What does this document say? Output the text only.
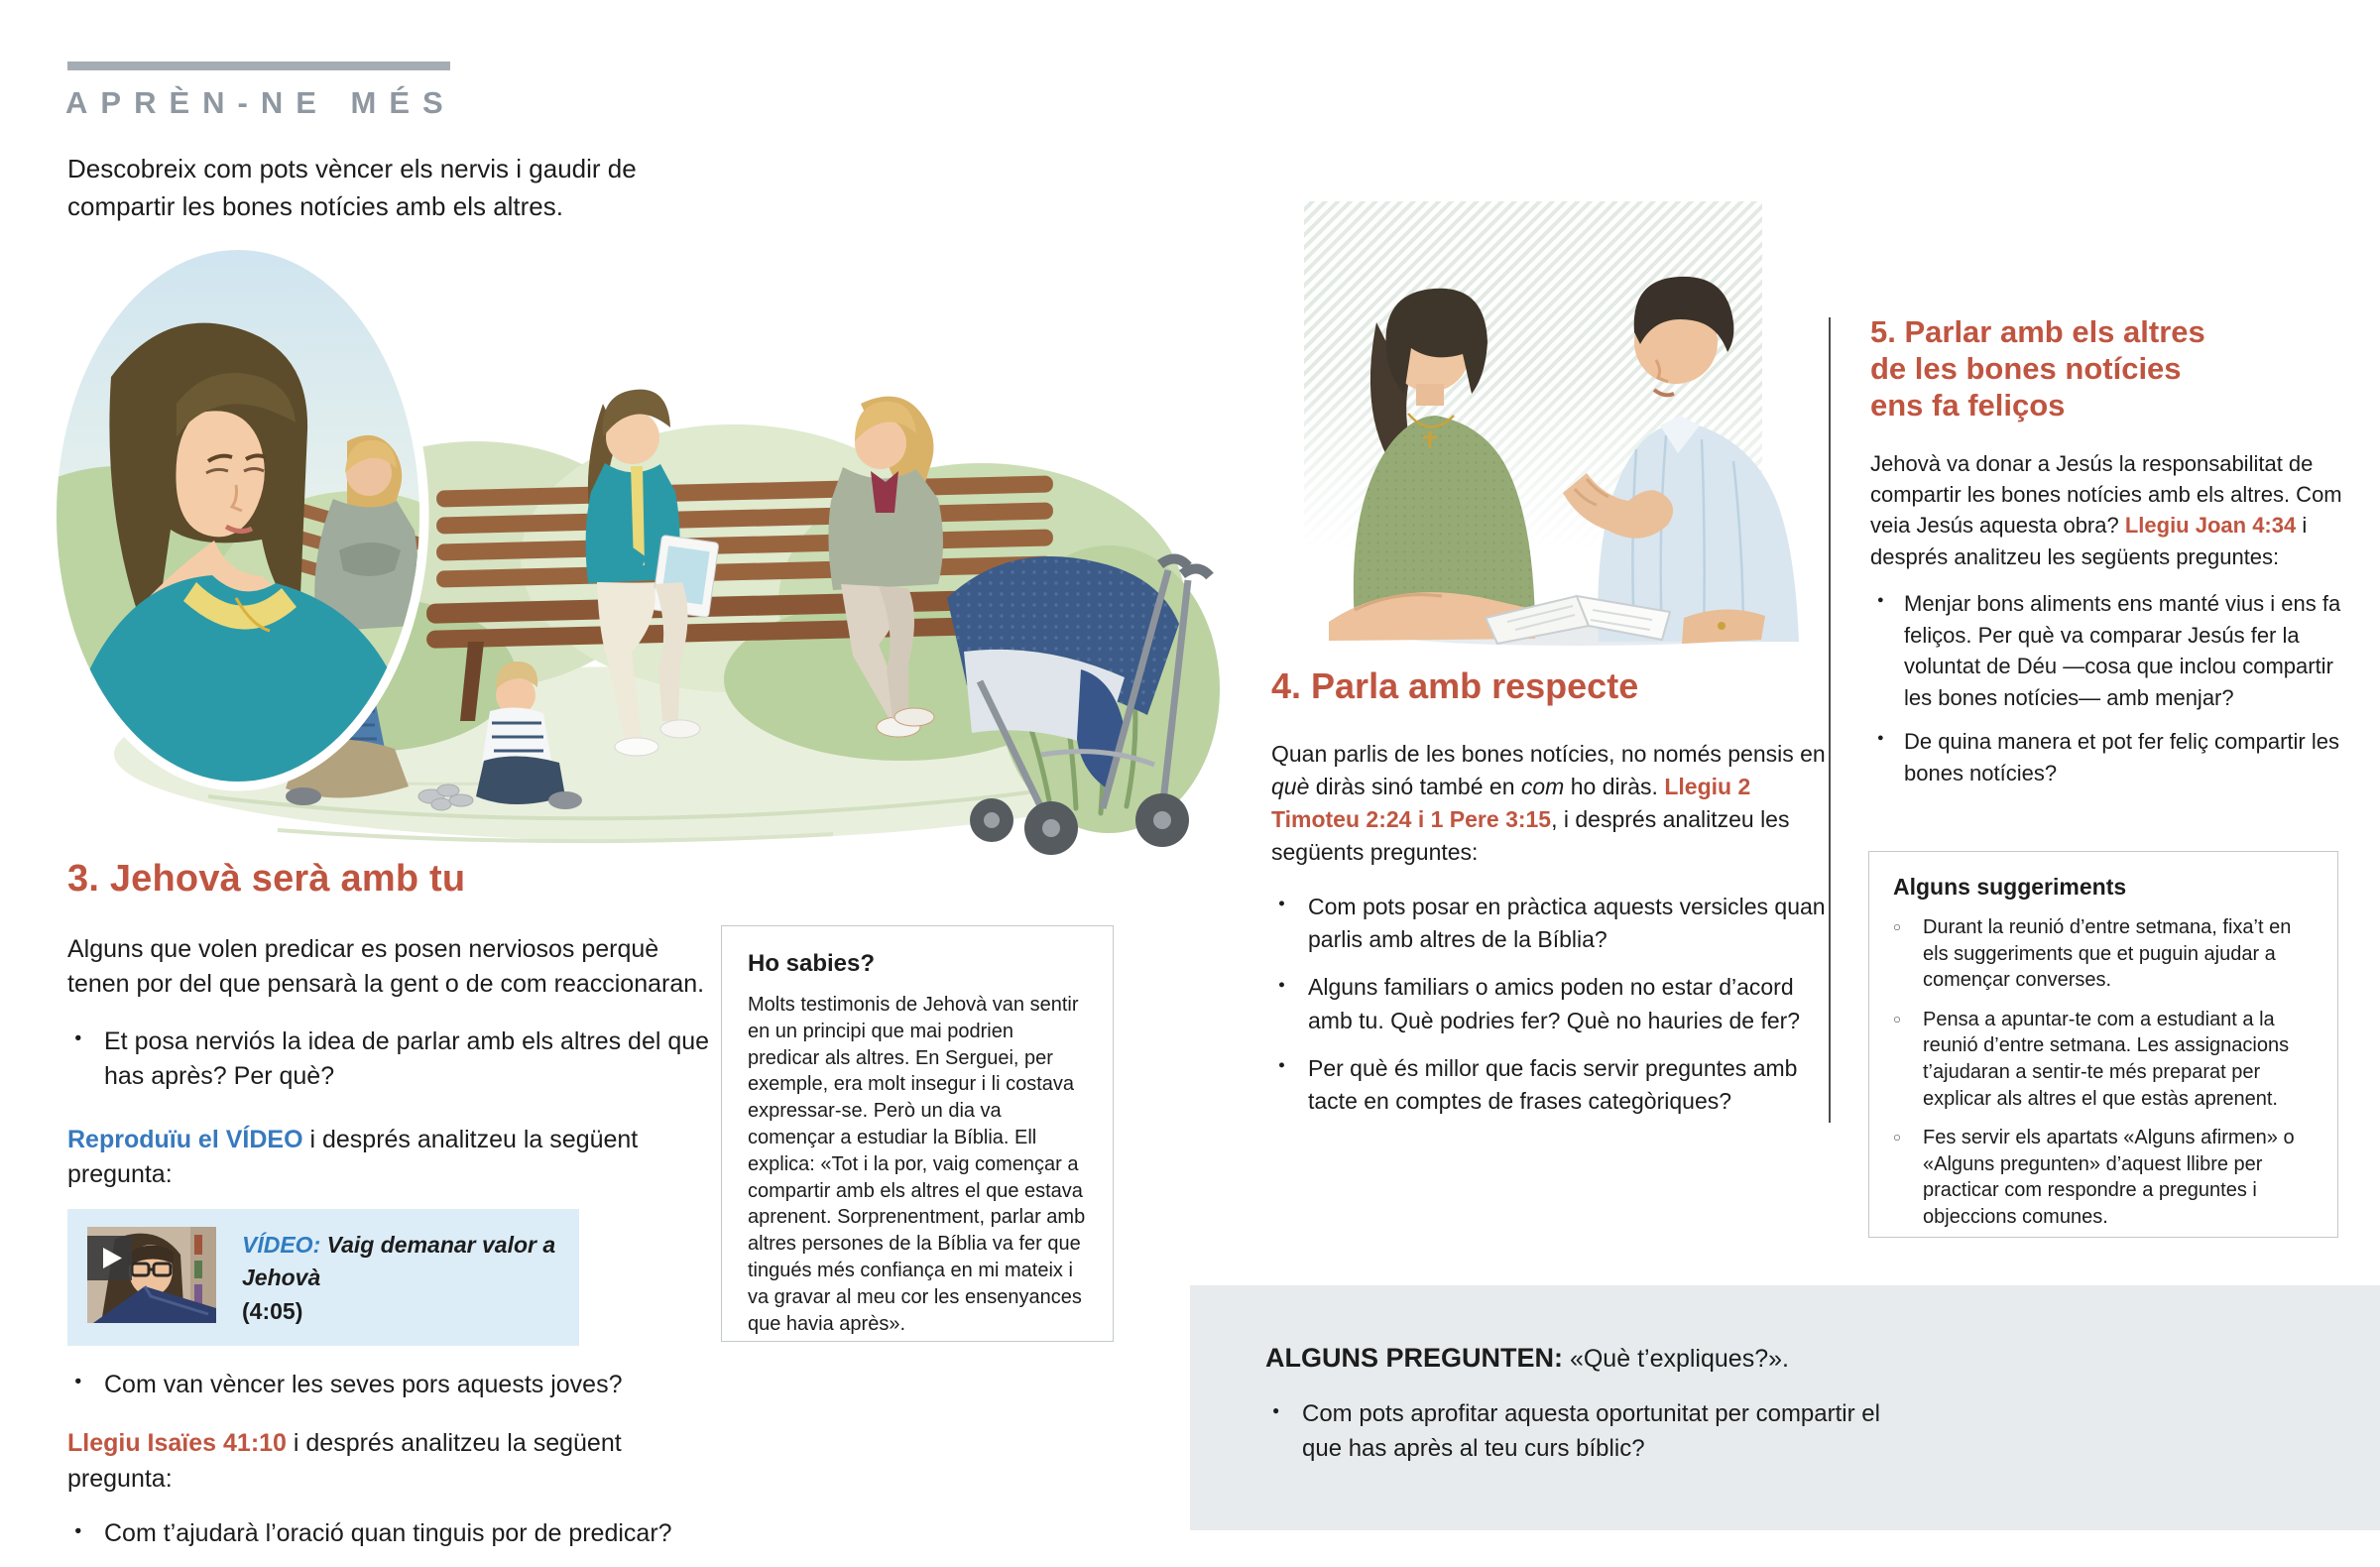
APRÈN-NE MÉS

Descobreix com pots vèncer els nervis i gaudir de compartir les bones notícies amb els altres.

3. Jehovà serà amb tu

Alguns que volen predicar es posen nerviosos perquè tenen por del que pensarà la gent o de com reaccionaran.

● Et posa nerviós la idea de parlar amb els altres del que has après? Per què?

Reproduïu el VÍDEO i després analitzeu la següent pregunta:

VÍDEO: Vaig demanar valor a Jehovà
(4:05)
● Com van vèncer les seves pors aquests joves?

Llegiu Isaïes 41:10 i després analitzeu la següent pregunta:

● Com t’ajudarà l’oració quan tinguis por de predicar?
Ho sabies?

Molts testimonis de Jehovà van sentir en un principi que mai podrien predicar als altres. En Serguei, per exemple, era molt insegur i li costava expressar-se. Però un dia va començar a estudiar la Bíblia. Ell explica: «Tot i la por, vaig començar a compartir amb els altres el que estava aprenent. Sorprenentment, parlar amb altres persones de la Bíblia va fer que tingués més confiança en mi mateix i va gravar al meu cor les ensenyances que havia après».

4. Parla amb respecte

Quan parlis de les bones notícies, no només pensis en què diràs sinó també en com ho diràs. Llegiu 2 Timoteu 2:24 i 1 Pere 3:15, i després analitzeu les següents preguntes:

● Com pots posar en pràctica aquests versicles quan parlis amb altres de la Bíblia?
● Alguns familiars o amics poden no estar d’acord amb tu. Què podries fer? Què no hauries de fer?
● Per què és millor que facis servir preguntes amb tacte en comptes de frases categòriques?
5. Parlar amb els altres
de les bones notícies
ens fa feliços

Jehovà va donar a Jesús la responsabilitat de compartir les bones notícies amb els altres. Com veia Jesús aquesta obra? Llegiu Joan 4:34 i després analitzeu les següents preguntes:

● Menjar bons aliments ens manté vius i ens fa feliços. Per què va comparar Jesús fer la voluntat de Déu —cosa que inclou compartir les bones notícies— amb menjar?
● De quina manera et pot fer feliç compartir les bones notícies?
Alguns suggeriments
○ Durant la reunió d’entre setmana, fixa’t en els suggeriments que et puguin ajudar a començar converses.
○ Pensa a apuntar-te com a estudiant a la reunió d’entre setmana. Les assignacions t’ajudaran a sentir-te més preparat per explicar als altres el que estàs aprenent.
○ Fes servir els apartats «Alguns afirmen» o «Alguns pregunten» d’aquest llibre per practicar com respondre a preguntes i objeccions comunes.

ALGUNS PREGUNTEN: «Què t’expliques?».

● Com pots aprofitar aquesta oportunitat per compartir el que has après al teu curs bíblic?
